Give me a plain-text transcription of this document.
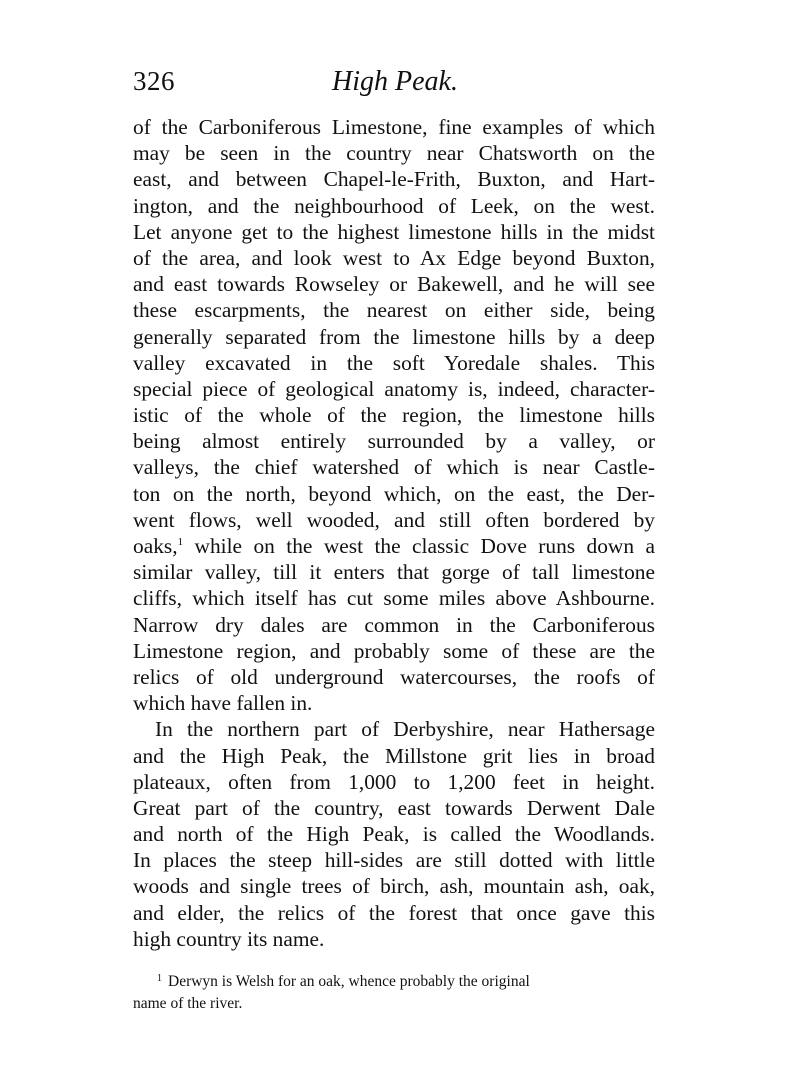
326	High Peak.
of the Carboniferous Limestone, fine examples of which
may be seen in the country near Chatsworth on the
east, and between Chapel-le-Frith, Buxton, and Hart-
ington, and the neighbourhood of Leek, on the west.
Let anyone get to the highest limestone hills in the midst
of the area, and look west to Ax Edge beyond Buxton,
and east towards Rowseley or Bakewell, and he will see
these escarpments, the nearest on either side, being
generally separated from the limestone hills by a deep
valley excavated in the soft Yoredale shales. This
special piece of geological anatomy is, indeed, character-
istic of the whole of the region, the limestone hills
being almost entirely surrounded by a valley, or
valleys, the chief watershed of which is near Castle-
ton on the north, beyond which, on the east, the Der-
went flows, well wooded, and still often bordered by
oaks,$^1$ while on the west the classic Dove runs down a
similar valley, till it enters that gorge of tall limestone
cliffs, which itself has cut some miles above Ashbourne.
Narrow dry dales are common in the Carboniferous
Limestone region, and probably some of these are the
relics of old underground watercourses, the roofs of
which have fallen in.
In the northern part of Derbyshire, near Hathersage
and the High Peak, the Millstone grit lies in broad
plateaux, often from 1,000 to 1,200 feet in height.
Great part of the country, east towards Derwent Dale
and north of the High Peak, is called the Woodlands.
In places the steep hill-sides are still dotted with little
woods and single trees of birch, ash, mountain ash, oak,
and elder, the relics of the forest that once gave this
high country its name.
$^1$ Derwyn is Welsh for an oak, whence probably the original
name of the river.
